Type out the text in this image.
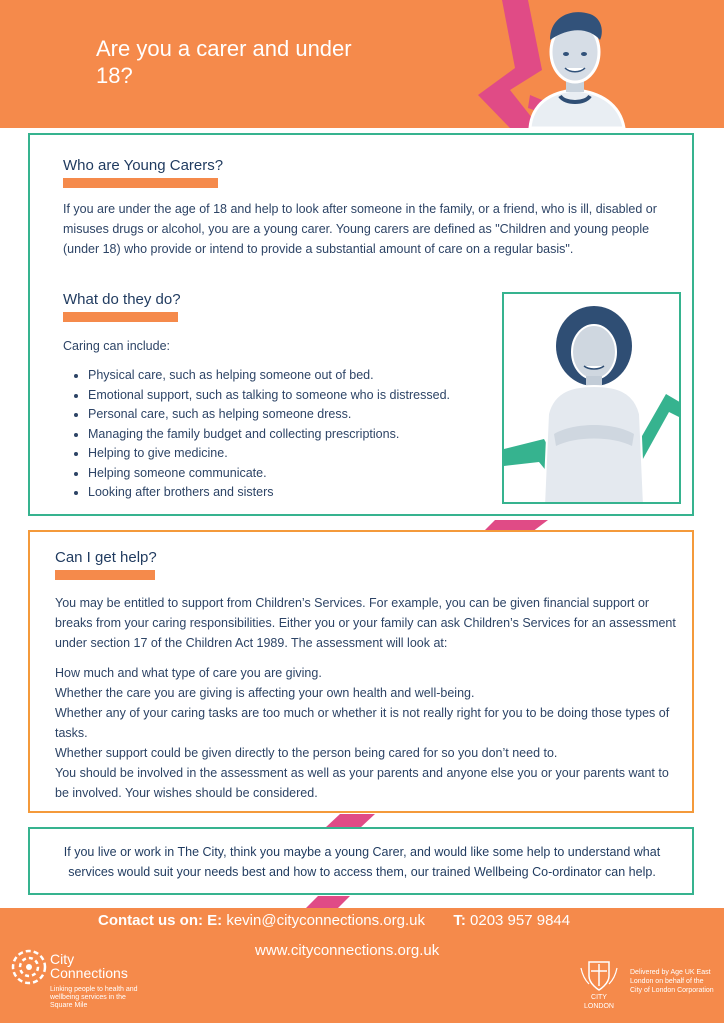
Are you a carer and under 18?
Who are Young Carers?
If you are under the age of 18 and help to look after someone in the family, or a friend, who is ill, disabled or misuses drugs or alcohol, you are a young carer. Young carers are defined as "Children and young people (under 18) who provide or intend to provide a substantial amount of care on a regular basis".
What do they do?
Caring can include:
• Physical care, such as helping someone out of bed.
• Emotional support, such as talking to someone who is distressed.
• Personal care, such as helping someone dress.
• Managing the family budget and collecting prescriptions.
• Helping to give medicine.
• Helping someone communicate.
• Looking after brothers and sisters
Can I get help?
You may be entitled to support from Children’s Services. For example, you can be given financial support or breaks from your caring responsibilities. Either you or your family can ask Children’s Services for an assessment under section 17 of the Children Act 1989. The assessment will look at:
How much and what type of care you are giving.
Whether the care you are giving is affecting your own health and well-being.
Whether any of your caring tasks are too much or whether it is not really right for you to be doing those types of tasks.
Whether support could be given directly to the person being cared for so you don’t need to.
You should be involved in the assessment as well as your parents and anyone else you or your parents want to be involved. Your wishes should be considered.
If you live or work in The City, think you maybe a young Carer, and would like some help to understand what services would suit your needs best and how to access them, our trained Wellbeing Co-ordinator can help.
Contact us on: E: kevin@cityconnections.org.uk T: 0203 957 9844
www.cityconnections.org.uk
City
Connections
Linking people to health and wellbeing services in the Square Mile
CITY
LONDON
Delivered by Age UK East London on behalf of the City of London Corporation
